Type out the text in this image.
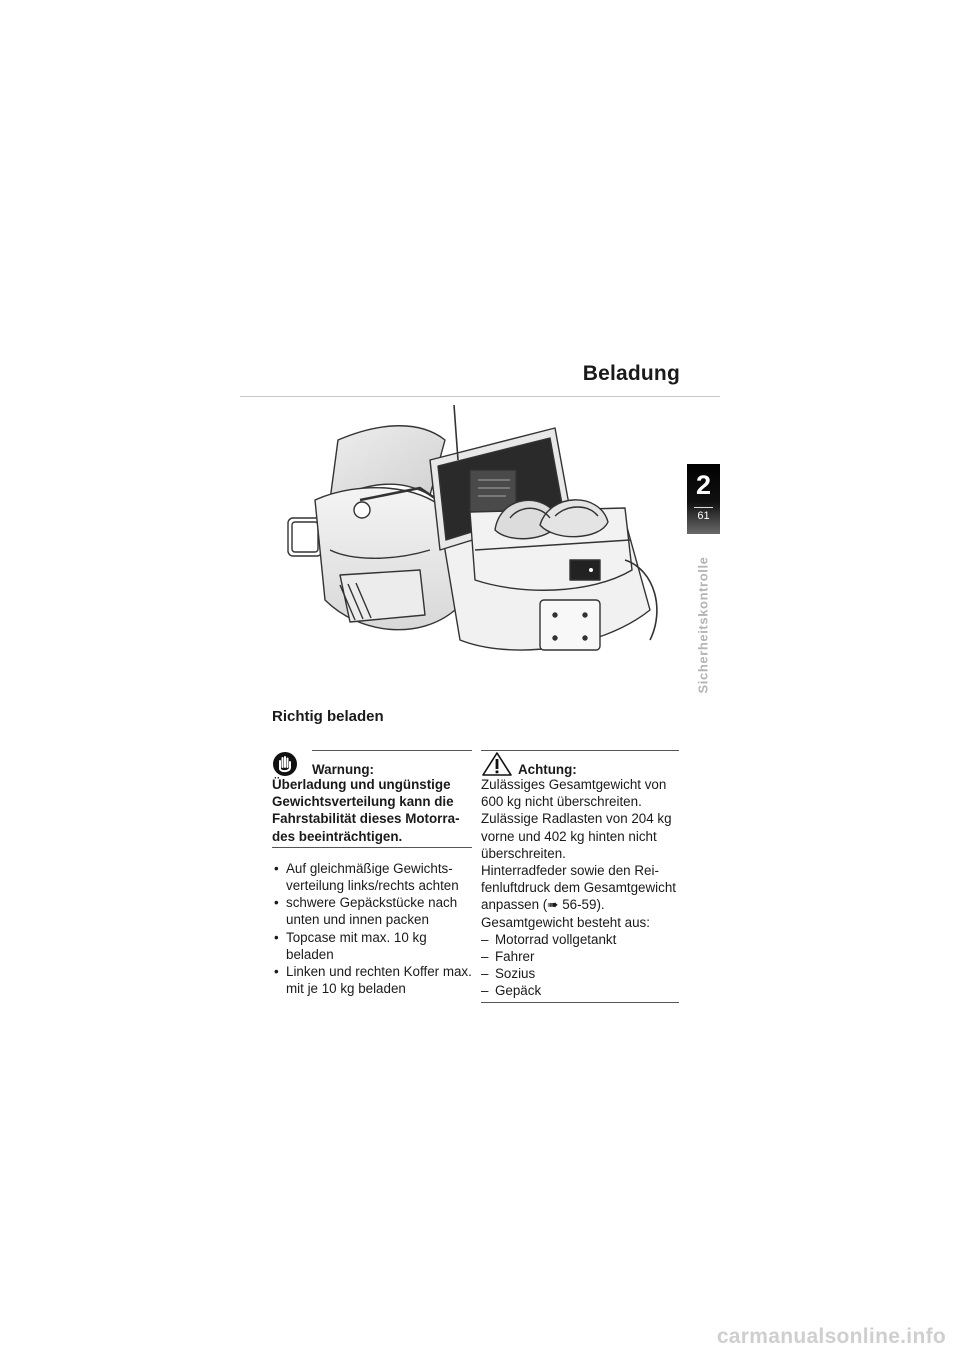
Beladung
2
61
Sicherheitskontrolle
Richtig beladen
Warnung:
Überladung und ungünstige Gewichtsverteilung kann die Fahrstabilität dieses Motorrades beeinträchtigen.
• Auf gleichmäßige Gewichtsverteilung links/rechts achten
• schwere Gepäckstücke nach unten und innen packen
• Topcase mit max. 10 kg beladen
• Linken und rechten Koffer max. mit je 10 kg beladen
Achtung:

Zulässiges Gesamtgewicht von 600 kg nicht überschreiten.

Zulässige Radlasten von 204 kg vorne und 402 kg hinten nicht überschreiten.

Hinterradfeder sowie den Reifenluftdruck dem Gesamtgewicht anpassen (➠ 56-59).

Gesamtgewicht besteht aus:

– Motorrad vollgetankt
– Fahrer
– Sozius
– Gepäck
carmanualsonline.info
